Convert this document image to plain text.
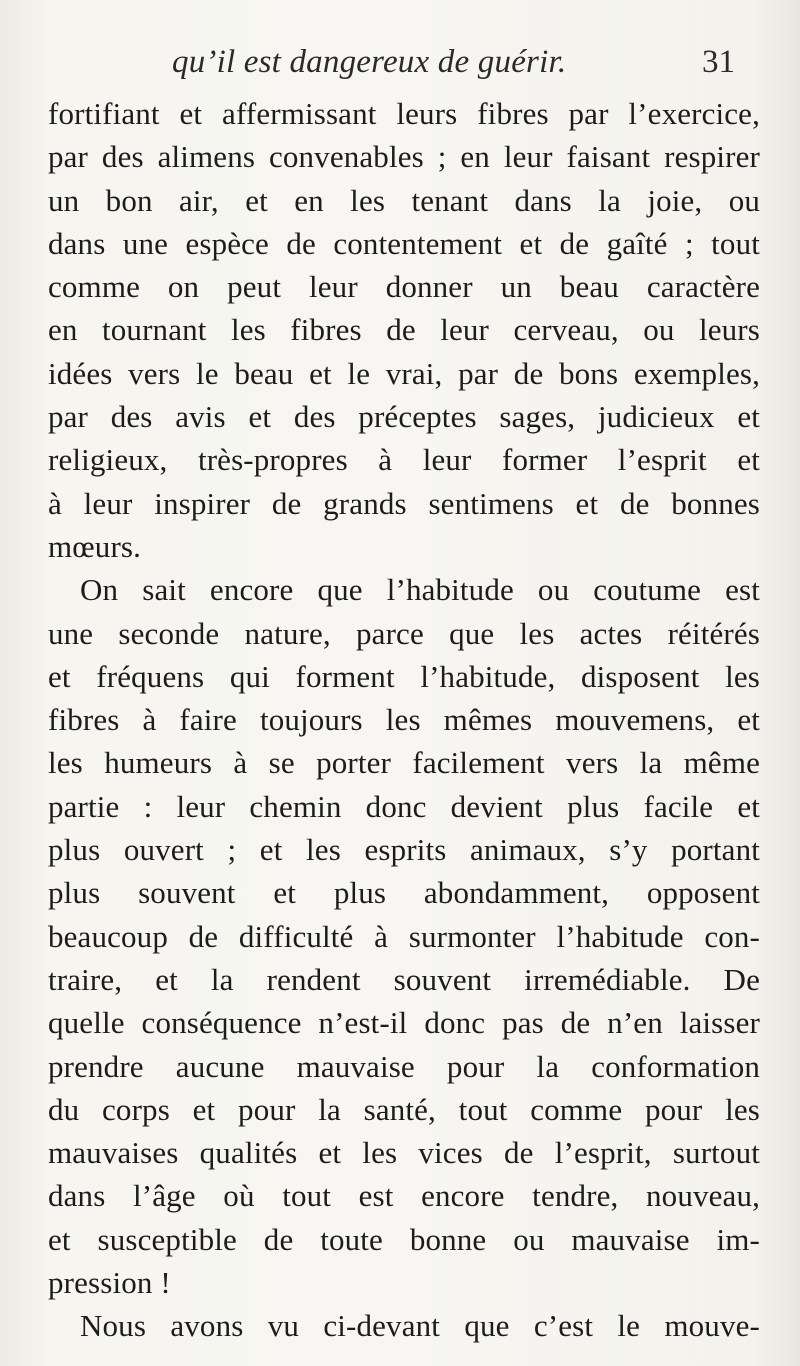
qu’il est dangereux de guérir.	31
fortifiant et affermissant leurs fibres par l’exercice,
par des alimens convenables ; en leur faisant respirer
un bon air, et en les tenant dans la joie, ou
dans une espèce de contentement et de gaîté ; tout
comme on peut leur donner un beau caractère
en tournant les fibres de leur cerveau, ou leurs
idées vers le beau et le vrai, par de bons exemples,
par des avis et des préceptes sages, judicieux et
religieux, très-propres à leur former l’esprit et
à leur inspirer de grands sentimens et de bonnes
mœurs.
On sait encore que l’habitude ou coutume est
une seconde nature, parce que les actes réitérés
et fréquens qui forment l’habitude, disposent les
fibres à faire toujours les mêmes mouvemens, et
les humeurs à se porter facilement vers la même
partie : leur chemin donc devient plus facile et
plus ouvert ; et les esprits animaux, s’y portant
plus souvent et plus abondamment, opposent
beaucoup de difficulté à surmonter l’habitude con-
traire, et la rendent souvent irremédiable. De
quelle conséquence n’est-il donc pas de n’en laisser
prendre aucune mauvaise pour la conformation
du corps et pour la santé, tout comme pour les
mauvaises qualités et les vices de l’esprit, surtout
dans l’âge où tout est encore tendre, nouveau,
et susceptible de toute bonne ou mauvaise im-
pression !
Nous avons vu ci-devant que c’est le mouve-
